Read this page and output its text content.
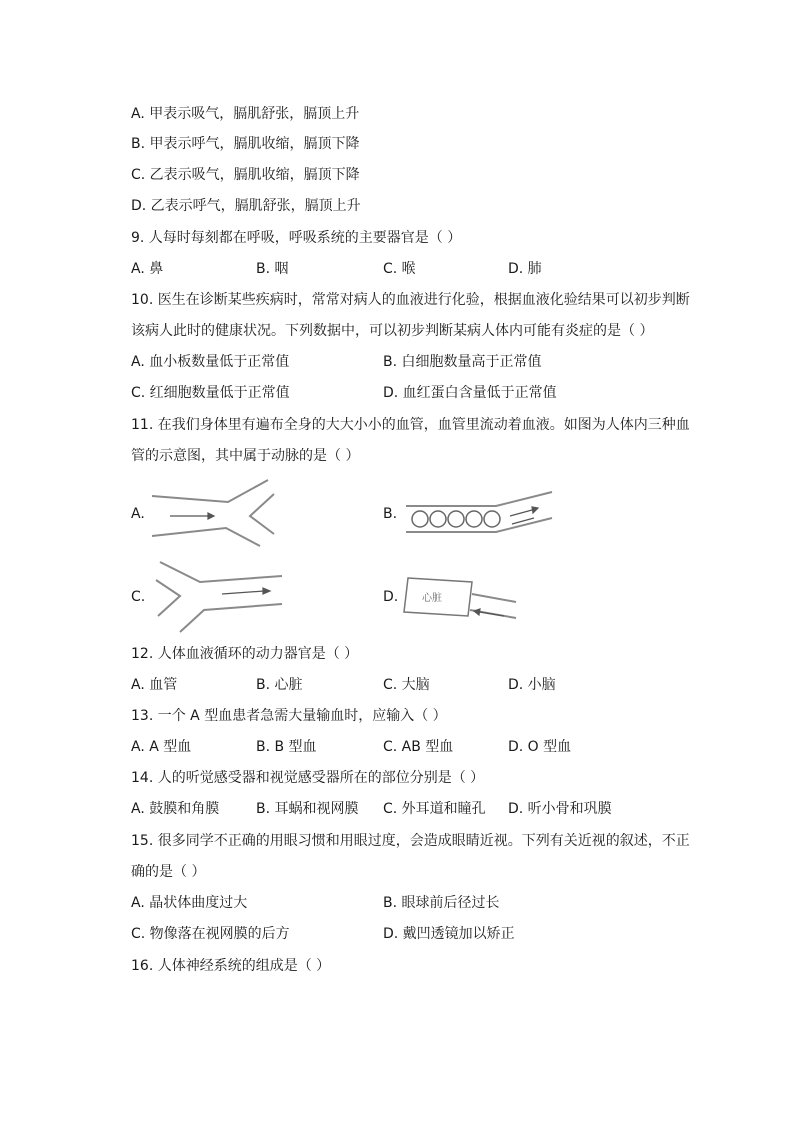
A. 甲表示吸气，膈肌舒张，膈顶上升
B. 甲表示呼气，膈肌收缩，膈顶下降
C. 乙表示吸气，膈肌收缩，膈顶下降
D. 乙表示呼气，膈肌舒张，膈顶上升
9. 人每时每刻都在呼吸，呼吸系统的主要器官是（ ）
A. 鼻	B. 咽	C. 喉	D. 肺
10. 医生在诊断某些疾病时，常常对病人的血液进行化验，根据血液化验结果可以初步判断
该病人此时的健康状况。下列数据中，可以初步判断某病人体内可能有炎症的是（ ）
A. 血小板数量低于正常值	B. 白细胞数量高于正常值
C. 红细胞数量低于正常值	D. 血红蛋白含量低于正常值
11. 在我们身体里有遍布全身的大大小小的血管，血管里流动着血液。如图为人体内三种血
管的示意图，其中属于动脉的是（ ）
A.	B.
C.	D. 心脏
12. 人体血液循环的动力器官是（ ）
A. 血管	B. 心脏	C. 大脑	D. 小脑
13. 一个 A 型血患者急需大量输血时，应输入（ ）
A. A 型血	B. B 型血	C. AB 型血	D. O 型血
14. 人的听觉感受器和视觉感受器所在的部位分别是（ ）
A. 鼓膜和角膜	B. 耳蜗和视网膜 C. 外耳道和瞳孔 D. 听小骨和巩膜
15. 很多同学不正确的用眼习惯和用眼过度，会造成眼睛近视。下列有关近视的叙述，不正
确的是（ ）
A. 晶状体曲度过大	B. 眼球前后径过长
C. 物像落在视网膜的后方	D. 戴凹透镜加以矫正
16. 人体神经系统的组成是（ ）
